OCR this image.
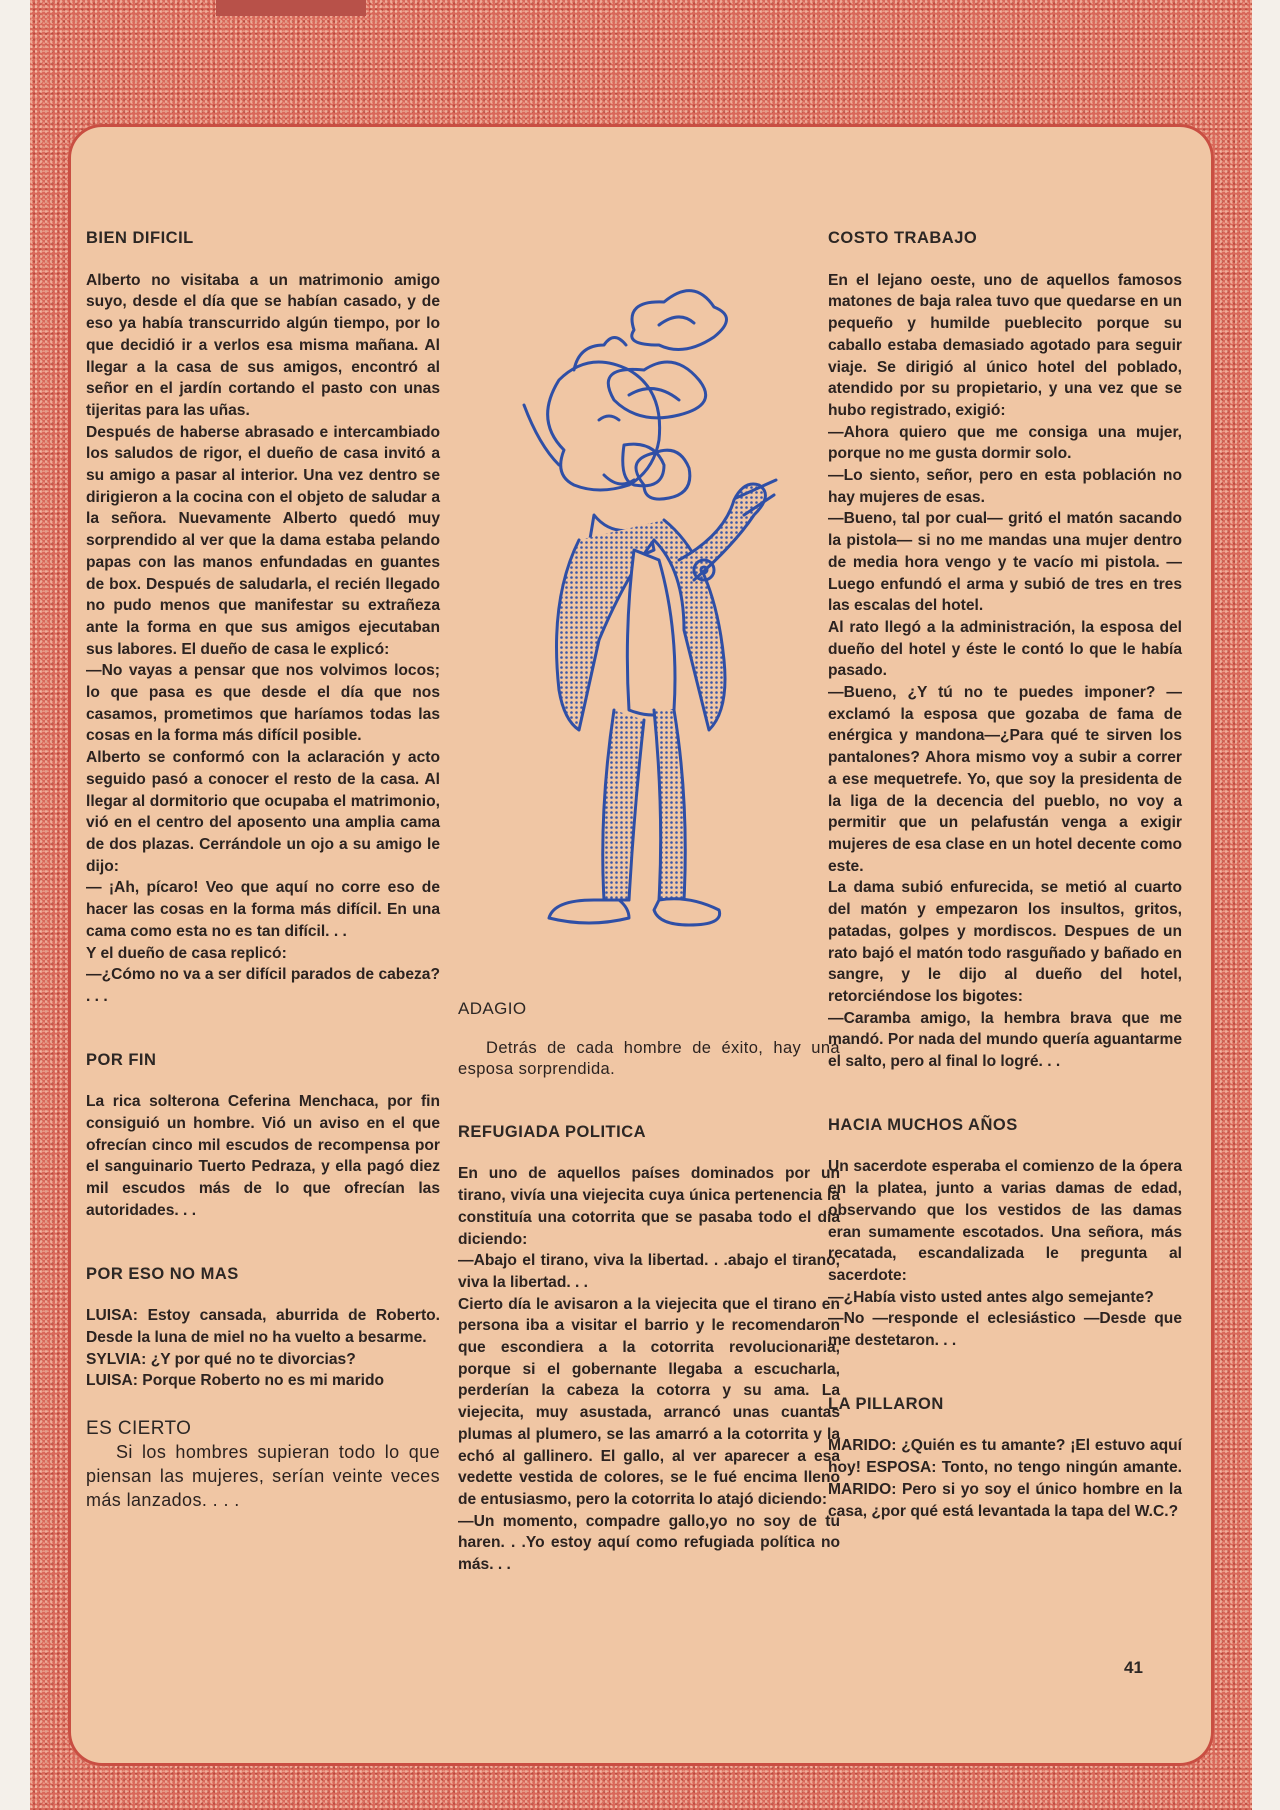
BIEN DIFICIL

Alberto no visitaba a un matrimonio amigo suyo, desde el día que se habían casado, y de eso ya había transcurrido algún tiempo, por lo que decidió ir a verlos esa misma mañana. Al llegar a la casa de sus amigos, encontró al señor en el jardín cortando el pasto con unas tijeritas para las uñas.

Después de haberse abrasado e intercambiado los saludos de rigor, el dueño de casa invitó a su amigo a pasar al interior. Una vez dentro se dirigieron a la cocina con el objeto de saludar a la señora. Nuevamente Alberto quedó muy sorprendido al ver que la dama estaba pelando papas con las manos enfundadas en guantes de box. Después de saludarla, el recién llegado no pudo menos que manifestar su extrañeza ante la forma en que sus amigos ejecutaban sus labores. El dueño de casa le explicó:

—No vayas a pensar que nos volvimos locos; lo que pasa es que desde el día que nos casamos, prometimos que haríamos todas las cosas en la forma más difícil posible.

Alberto se conformó con la aclaración y acto seguido pasó a conocer el resto de la casa. Al llegar al dormitorio que ocupaba el matrimonio, vió en el centro del aposento una amplia cama de dos plazas. Cerrándole un ojo a su amigo le dijo:

— ¡Ah, pícaro! Veo que aquí no corre eso de hacer las cosas en la forma más difícil. En una cama como esta no es tan difícil. . .

Y el dueño de casa replicó:

—¿Cómo no va a ser difícil parados de cabeza? . . .

POR FIN

La rica solterona Ceferina Menchaca, por fin consiguió un hombre. Vió un aviso en el que ofrecían cinco mil escudos de recompensa por el sanguinario Tuerto Pedraza, y ella pagó diez mil escudos más de lo que ofrecían las autoridades. . .

POR ESO NO MAS

LUISA: Estoy cansada, aburrida de Roberto. Desde la luna de miel no ha vuelto a besarme.

SYLVIA: ¿Y por qué no te divorcias?

LUISA: Porque Roberto no es mi marido

ES CIERTO

Si los hombres supieran todo lo que piensan las mujeres, serían veinte veces más lanzados. . . .

ADAGIO

Detrás de cada hombre de éxito, hay una esposa sorprendida.

REFUGIADA POLITICA

En uno de aquellos países dominados por un tirano, vivía una viejecita cuya única pertenencia la constituía una cotorrita que se pasaba todo el día diciendo:

—Abajo el tirano, viva la libertad. . .abajo el tirano, viva la libertad. . .

Cierto día le avisaron a la viejecita que el tirano en persona iba a visitar el barrio y le recomendaron que escondiera a la cotorrita revolucionaria, porque si el gobernante llegaba a escucharla, perderían la cabeza la cotorra y su ama. La viejecita, muy asustada, arrancó unas cuantas plumas al plumero, se las amarró a la cotorrita y la echó al gallinero. El gallo, al ver aparecer a esa vedette vestida de colores, se le fué encima lleno de entusiasmo, pero la cotorrita lo atajó diciendo:

—Un momento, compadre gallo,yo no soy de tu haren. . .Yo estoy aquí como refugiada política no más. . .

COSTO TRABAJO

En el lejano oeste, uno de aquellos famosos matones de baja ralea tuvo que quedarse en un pequeño y humilde pueblecito porque su caballo estaba demasiado agotado para seguir viaje. Se dirigió al único hotel del poblado, atendido por su propietario, y una vez que se hubo registrado, exigió:

—Ahora quiero que me consiga una mujer, porque no me gusta dormir solo.

—Lo siento, señor, pero en esta población no hay mujeres de esas.

—Bueno, tal por cual— gritó el matón sacando la pistola— si no me mandas una mujer dentro de media hora vengo y te vacío mi pistola. —Luego enfundó el arma y subió de tres en tres las escalas del hotel.

Al rato llegó a la administración, la esposa del dueño del hotel y éste le contó lo que le había pasado.

—Bueno, ¿Y tú no te puedes imponer? —exclamó la esposa que gozaba de fama de enérgica y mandona—¿Para qué te sirven los pantalones? Ahora mismo voy a subir a correr a ese mequetrefe. Yo, que soy la presidenta de la liga de la decencia del pueblo, no voy a permitir que un pelafustán venga a exigir mujeres de esa clase en un hotel decente como este.

La dama subió enfurecida, se metió al cuarto del matón y empezaron los insultos, gritos, patadas, golpes y mordiscos. Despues de un rato bajó el matón todo rasguñado y bañado en sangre, y le dijo al dueño del hotel, retorciéndose los bigotes:

—Caramba amigo, la hembra brava que me mandó. Por nada del mundo quería aguantarme el salto, pero al final lo logré. . .

HACIA MUCHOS AÑOS

Un sacerdote esperaba el comienzo de la ópera en la platea, junto a varias damas de edad, observando que los vestidos de las damas eran sumamente escotados. Una señora, más recatada, escandalizada le pregunta al sacerdote:

—¿Había visto usted antes algo semejante?

—No —responde el eclesiástico —Desde que me destetaron. . .

LA PILLARON

MARIDO: ¿Quién es tu amante? ¡El estuvo aquí hoy! ESPOSA: Tonto, no tengo ningún amante. MARIDO: Pero si yo soy el único hombre en la casa, ¿por qué está levantada la tapa del W.C.?

41
